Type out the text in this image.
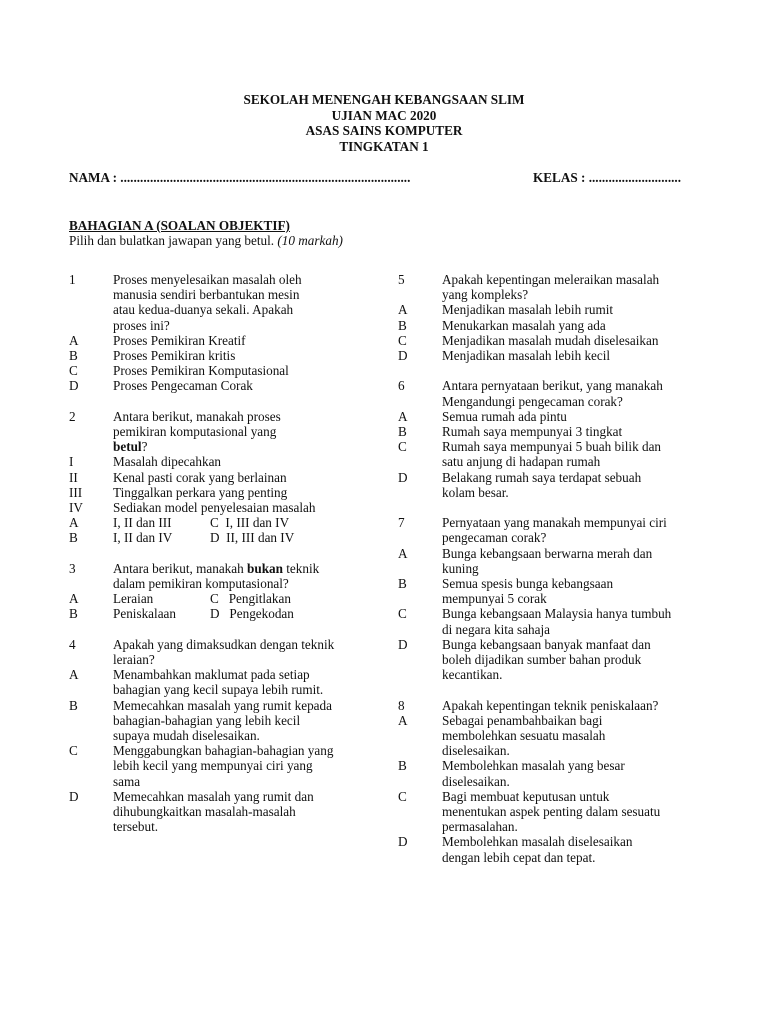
SEKOLAH MENENGAH KEBANGSAAN SLIM
UJIAN MAC 2020
ASAS SAINS KOMPUTER
TINGKATAN 1
NAMA : ........................................................................................	KELAS : ............................
BAHAGIAN A (SOALAN OBJEKTIF)
Pilih dan bulatkan jawapan yang betul. (10 markah)
1	Proses menyelesaikan masalah oleh
manusia sendiri berbantukan mesin
atau kedua-duanya sekali. Apakah
proses ini?
A	Proses Pemikiran Kreatif
B	Proses Pemikiran kritis
C	Proses Pemikiran Komputasional
D	Proses Pengecaman Corak
2	Antara berikut, manakah proses
pemikiran komputasional yang
betul?
I	Masalah dipecahkan
II	Kenal pasti corak yang berlainan
III	Tinggalkan perkara yang penting
IV	Sediakan model penyelesaian masalah
A	I, II dan III	C I, III dan IV
B	I, II dan IV	D II, III dan IV
3	Antara berikut, manakah bukan teknik
dalam pemikiran komputasional?
A	Leraian	C Pengitlakan
B	Peniskalaan	D Pengekodan
4	Apakah yang dimaksudkan dengan teknik
leraian?
A	Menambahkan maklumat pada setiap
bahagian yang kecil supaya lebih rumit.
B	Memecahkan masalah yang rumit kepada
bahagian-bahagian yang lebih kecil
supaya mudah diselesaikan.
C	Menggabungkan bahagian-bahagian yang
lebih kecil yang mempunyai ciri yang
sama
D	Memecahkan masalah yang rumit dan
dihubungkaitkan masalah-masalah
tersebut.
5	Apakah kepentingan meleraikan masalah
yang kompleks?
A	Menjadikan masalah lebih rumit
B	Menukarkan masalah yang ada
C	Menjadikan masalah mudah diselesaikan
D	Menjadikan masalah lebih kecil
6	Antara pernyataan berikut, yang manakah
Mengandungi pengecaman corak?
A	Semua rumah ada pintu
B	Rumah saya mempunyai 3 tingkat
C	Rumah saya mempunyai 5 buah bilik dan
satu anjung di hadapan rumah
D	Belakang rumah saya terdapat sebuah
kolam besar.
7	Pernyataan yang manakah mempunyai ciri
pengecaman corak?
A	Bunga kebangsaan berwarna merah dan
kuning
B	Semua spesis bunga kebangsaan
mempunyai 5 corak
C	Bunga kebangsaan Malaysia hanya tumbuh
di negara kita sahaja
D	Bunga kebangsaan banyak manfaat dan
boleh dijadikan sumber bahan produk
kecantikan.
8	Apakah kepentingan teknik peniskalaan?
A	Sebagai penambahbaikan bagi
membolehkan sesuatu masalah
diselesaikan.
B	Membolehkan masalah yang besar
diselesaikan.
C	Bagi membuat keputusan untuk
menentukan aspek penting dalam sesuatu
permasalahan.
D	Membolehkan masalah diselesaikan
dengan lebih cepat dan tepat.
